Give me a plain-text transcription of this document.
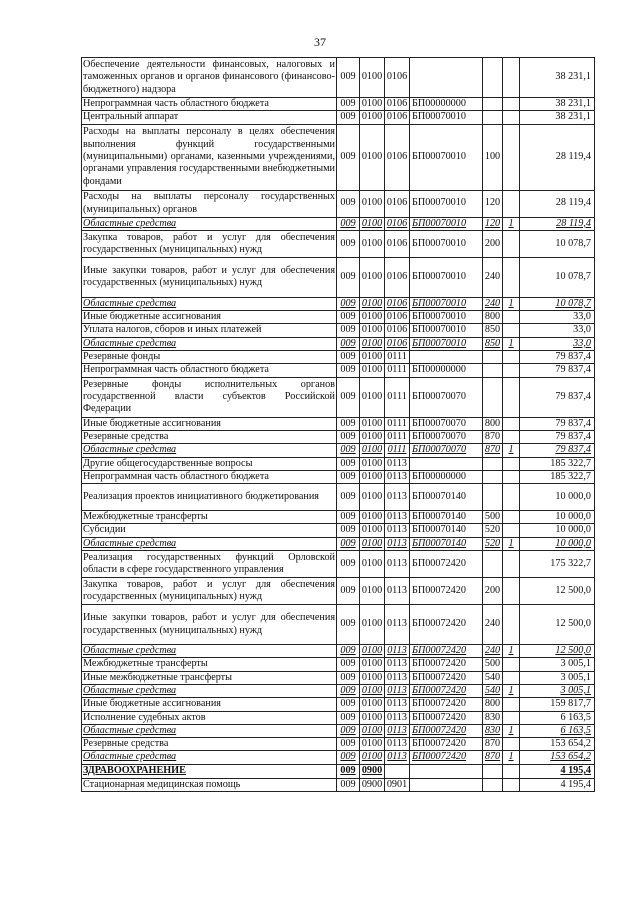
37
Обеспечение деятельности финансовых, налоговых и таможенных органов и органов финансового (финансово-бюджетного) надзора	009	0100	0106				38 231,1
Непрограммная часть областного бюджета	009	0100	0106	БП00000000			38 231,1
Центральный аппарат	009	0100	0106	БП00070010			38 231,1
Расходы на выплаты персоналу в целях обеспечения выполнения функций государственными (муниципальными) органами, казенными учреждениями, органами управления государственными внебюджетными фондами	009	0100	0106	БП00070010	100		28 119,4
Расходы на выплаты персоналу государственных (муниципальных) органов	009	0100	0106	БП00070010	120		28 119,4
Областные средства	009	0100	0106	БП00070010	120	1	28 119,4
Закупка товаров, работ и услуг для обеспечения государственных (муниципальных) нужд	009	0100	0106	БП00070010	200		10 078,7
Иные закупки товаров, работ и услуг для обеспечения государственных (муниципальных) нужд	009	0100	0106	БП00070010	240		10 078,7
Областные средства	009	0100	0106	БП00070010	240	1	10 078,7
Иные бюджетные ассигнования	009	0100	0106	БП00070010	800		33,0
Уплата налогов, сборов и иных платежей	009	0100	0106	БП00070010	850		33,0
Областные средства	009	0100	0106	БП00070010	850	1	33,0
Резервные фонды	009	0100	0111				79 837,4
Непрограммная часть областного бюджета	009	0100	0111	БП00000000			79 837,4
Резервные фонды исполнительных органов государственной власти субъектов Российской Федерации	009	0100	0111	БП00070070			79 837,4
Иные бюджетные ассигнования	009	0100	0111	БП00070070	800		79 837,4
Резервные средства	009	0100	0111	БП00070070	870		79 837,4
Областные средства	009	0100	0111	БП00070070	870	1	79 837,4
Другие общегосударственные вопросы	009	0100	0113				185 322,7
Непрограммная часть областного бюджета	009	0100	0113	БП00000000			185 322,7
Реализация проектов инициативного бюджетирования	009	0100	0113	БП00070140			10 000,0
Межбюджетные трансферты	009	0100	0113	БП00070140	500		10 000,0
Субсидии	009	0100	0113	БП00070140	520		10 000,0
Областные средства	009	0100	0113	БП00070140	520	1	10 000,0
Реализация государственных функций Орловской области в сфере государственного управления	009	0100	0113	БП00072420			175 322,7
Закупка товаров, работ и услуг для обеспечения государственных (муниципальных) нужд	009	0100	0113	БП00072420	200		12 500,0
Иные закупки товаров, работ и услуг для обеспечения государственных (муниципальных) нужд	009	0100	0113	БП00072420	240		12 500,0
Областные средства	009	0100	0113	БП00072420	240	1	12 500,0
Межбюджетные трансферты	009	0100	0113	БП00072420	500		3 005,1
Иные межбюджетные трансферты	009	0100	0113	БП00072420	540		3 005,1
Областные средства	009	0100	0113	БП00072420	540	1	3 005,1
Иные бюджетные ассигнования	009	0100	0113	БП00072420	800		159 817,7
Исполнение судебных актов	009	0100	0113	БП00072420	830		6 163,5
Областные средства	009	0100	0113	БП00072420	830	1	6 163,5
Резервные средства	009	0100	0113	БП00072420	870		153 654,2
Областные средства	009	0100	0113	БП00072420	870	1	153 654,2
ЗДРАВООХРАНЕНИЕ	009	0900					4 195,4
Стационарная медицинская помощь	009	0900	0901				4 195,4
